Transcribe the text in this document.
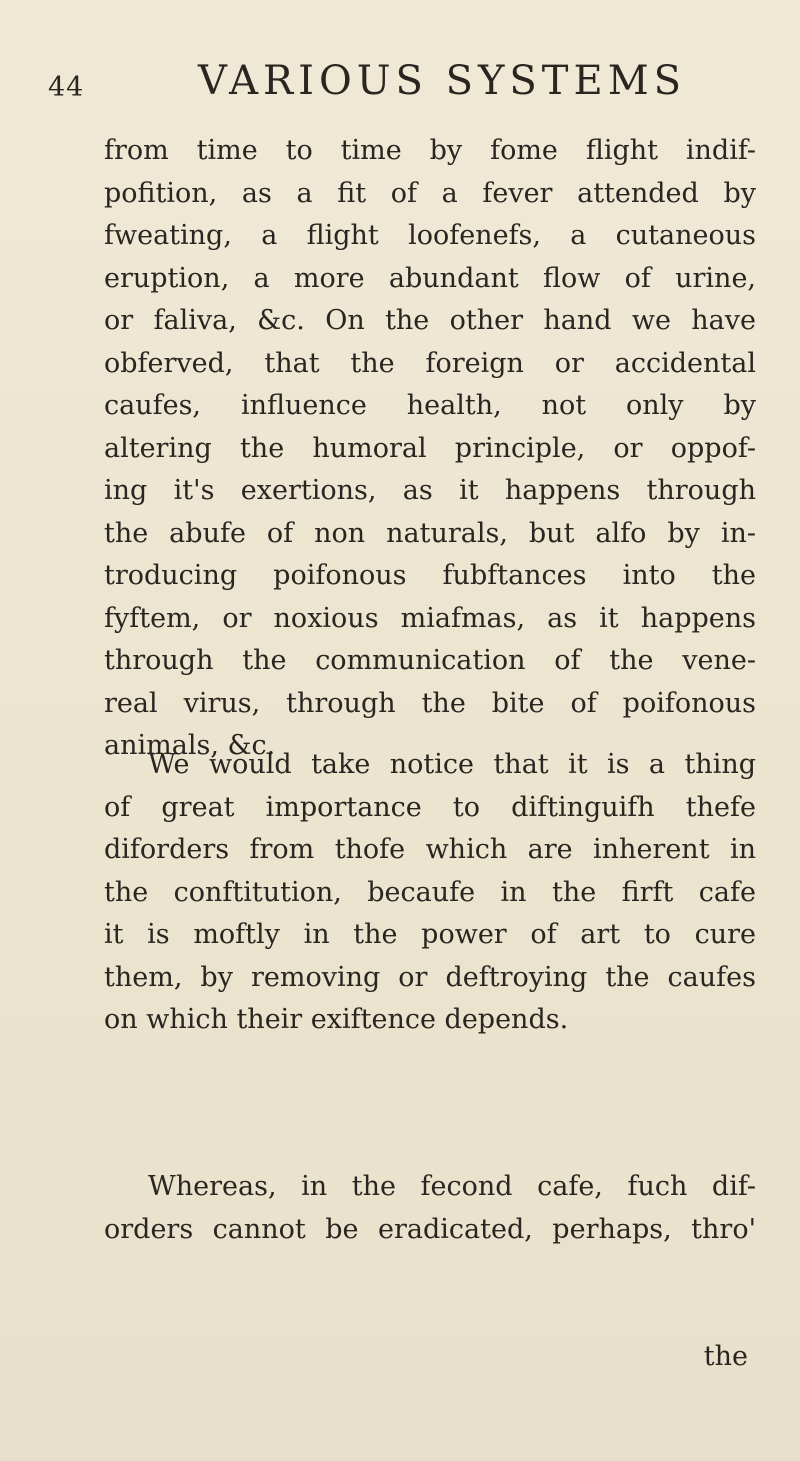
44	VARIOUS SYSTEMS
from time to time by fome flight indif-
pofition, as a fit of a fever attended by
fweating, a flight loofenefs, a cutaneous
eruption, a more abundant flow of urine,
or faliva, &c. On the other hand we have
obferved, that the foreign or accidental
caufes, influence health, not only by
altering the humoral principle, or oppof-
ing it's exertions, as it happens through
the abufe of non naturals, but alfo by in-
troducing poifonous fubftances into the
fyftem, or noxious miafmas, as it happens
through the communication of the vene-
real virus, through the bite of poifonous
animals, &c.
We would take notice that it is a thing
of great importance to diftinguifh thefe
diforders from thofe which are inherent in
the conftitution, becaufe in the firft cafe
it is moftly in the power of art to cure
them, by removing or deftroying the caufes
on which their exiftence depends.
Whereas, in the fecond cafe, fuch dif-
orders cannot be eradicated, perhaps, thro'
the
